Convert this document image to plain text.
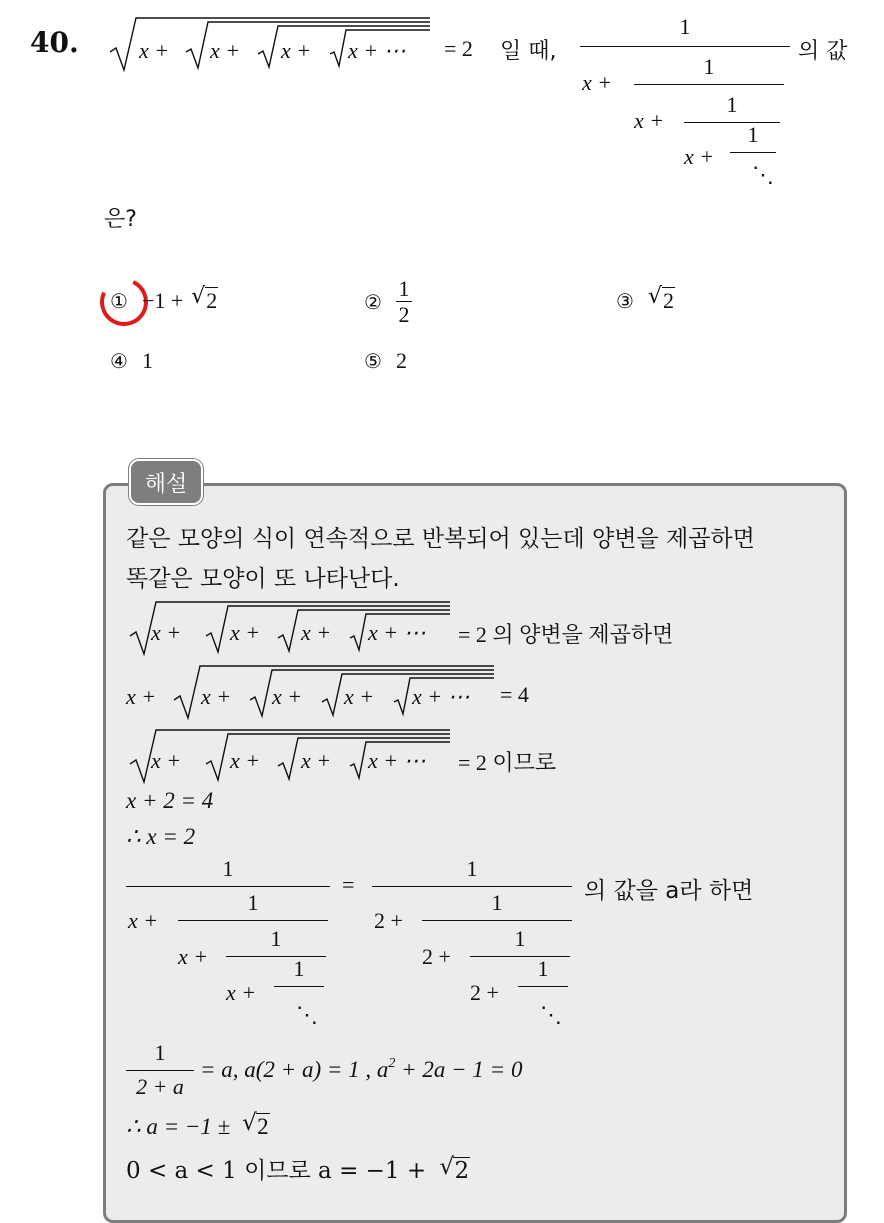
40.	x + x + x + x + ⋯ = 2 일 때,
1
x +
1
x +
1
x +
1
⋱
의 값
은?
① −1 + √ 2	② $\frac{1}{2}$	③ √ 2
④ 1	⑤ 2
해설
같은 모양의 식이 연속적으로 반복되어 있는데 양변을 제곱하면
똑같은 모양이 또 나타난다.
x + x + x + x + ⋯ = 2 의 양변을 제곱하면
x + x + x + x + x + ⋯ = 4
x + x + x + x + ⋯ = 2 이므로
x + 2 = 4
∴ x = 2
1
x +
1
x +
1
x +
1
⋱
=
1
2 +
1
2 +
1
2 +
1
⋱
의 값을 a라 하면
1
2 + a
= a, a(2 + a) = 1 , $a^2 + 2a - 1 = 0$
∴ a = −1 ± √ 2
0 < a < 1 이므로 a = −1 + √ 2
